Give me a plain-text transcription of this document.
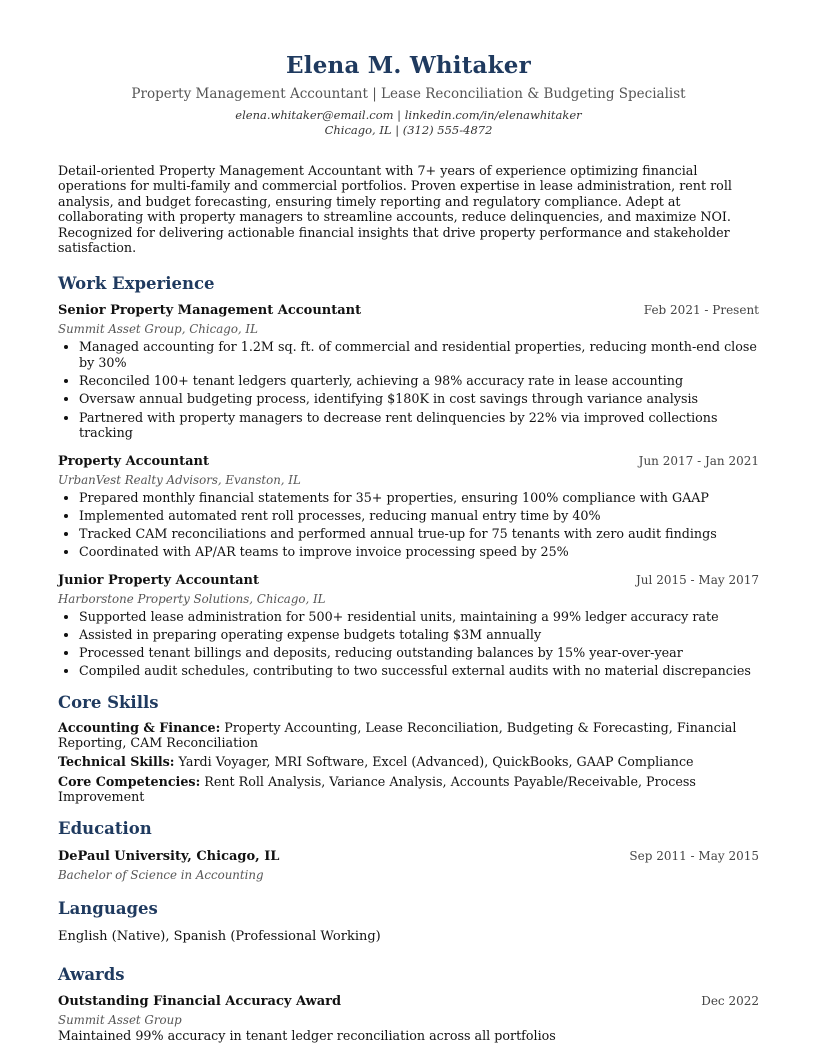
Elena M. Whitaker
Property Management Accountant | Lease Reconciliation & Budgeting Specialist
elena.whitaker@email.com | linkedin.com/in/elenawhitaker
Chicago, IL | (312) 555-4872
Detail-oriented Property Management Accountant with 7+ years of experience optimizing financial operations for multi-family and commercial portfolios. Proven expertise in lease administration, rent roll analysis, and budget forecasting, ensuring timely reporting and regulatory compliance. Adept at collaborating with property managers to streamline accounts, reduce delinquencies, and maximize NOI. Recognized for delivering actionable financial insights that drive property performance and stakeholder satisfaction.
Work Experience
Senior Property Management Accountant	Feb 2021 - Present
Summit Asset Group, Chicago, IL
• Managed accounting for 1.2M sq. ft. of commercial and residential properties, reducing month-end close by 30%
• Reconciled 100+ tenant ledgers quarterly, achieving a 98% accuracy rate in lease accounting
• Oversaw annual budgeting process, identifying $180K in cost savings through variance analysis
• Partnered with property managers to decrease rent delinquencies by 22% via improved collections tracking
Property Accountant	Jun 2017 - Jan 2021
UrbanVest Realty Advisors, Evanston, IL
• Prepared monthly financial statements for 35+ properties, ensuring 100% compliance with GAAP
• Implemented automated rent roll processes, reducing manual entry time by 40%
• Tracked CAM reconciliations and performed annual true-up for 75 tenants with zero audit findings
• Coordinated with AP/AR teams to improve invoice processing speed by 25%
Junior Property Accountant	Jul 2015 - May 2017
Harborstone Property Solutions, Chicago, IL
• Supported lease administration for 500+ residential units, maintaining a 99% ledger accuracy rate
• Assisted in preparing operating expense budgets totaling $3M annually
• Processed tenant billings and deposits, reducing outstanding balances by 15% year-over-year
• Compiled audit schedules, contributing to two successful external audits with no material discrepancies
Core Skills
Accounting & Finance: Property Accounting, Lease Reconciliation, Budgeting & Forecasting, Financial Reporting, CAM Reconciliation
Technical Skills: Yardi Voyager, MRI Software, Excel (Advanced), QuickBooks, GAAP Compliance
Core Competencies: Rent Roll Analysis, Variance Analysis, Accounts Payable/Receivable, Process Improvement
Education
DePaul University, Chicago, IL	Sep 2011 - May 2015
Bachelor of Science in Accounting
Languages
English (Native), Spanish (Professional Working)
Awards
Outstanding Financial Accuracy Award	Dec 2022
Summit Asset Group
Maintained 99% accuracy in tenant ledger reconciliation across all portfolios
